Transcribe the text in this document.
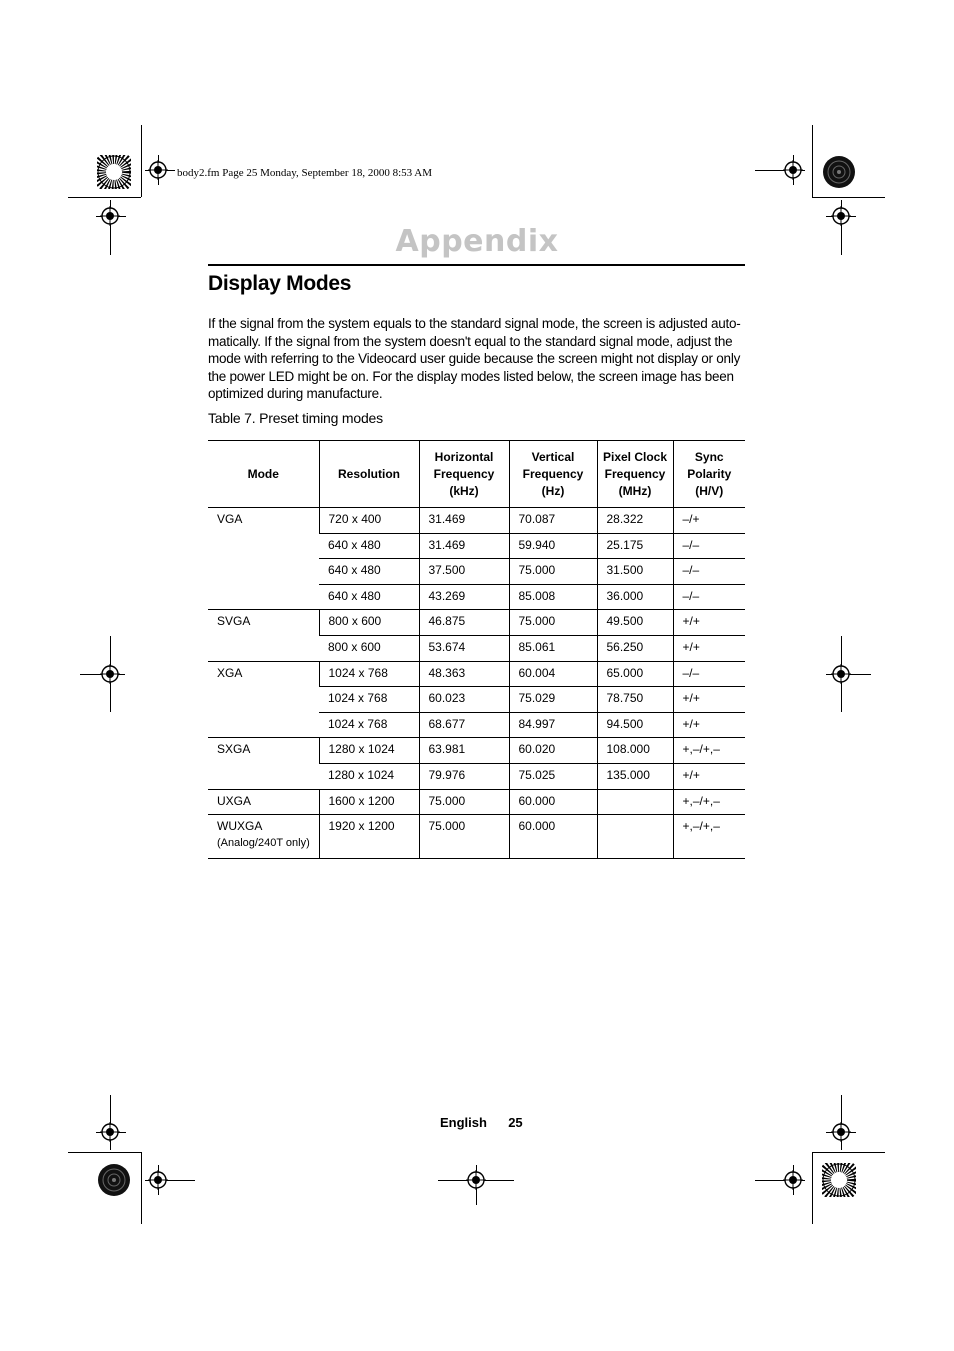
body2.fm Page 25 Monday, September 18, 2000 8:53 AM
Appendix
Display Modes
If the signal from the system equals to the standard signal mode, the screen is adjusted auto-
matically. If the signal from the system doesn't equal to the standard signal mode, adjust the
mode with referring to the Videocard user guide because the screen might not display or only
the power LED might be on. For the display modes listed below, the screen image has been
optimized during manufacture.
Table 7. Preset timing modes
Mode	Resolution	Horizontal
Frequency
(kHz)	Vertical
Frequency
(Hz)	Pixel Clock
Frequency
(MHz)	Sync
Polarity
(H/V)
VGA	720 x 400	31.469	70.087	28.322	–/+
	640 x 480	31.469	59.940	25.175	–/–
	640 x 480	37.500	75.000	31.500	–/–
	640 x 480	43.269	85.008	36.000	–/–
SVGA	800 x 600	46.875	75.000	49.500	+/+
	800 x 600	53.674	85.061	56.250	+/+
XGA	1024 x 768	48.363	60.004	65.000	–/–
	1024 x 768	60.023	75.029	78.750	+/+
	1024 x 768	68.677	84.997	94.500	+/+
SXGA	1280 x 1024	63.981	60.020	108.000	+,–/+,–
	1280 x 1024	79.976	75.025	135.000	+/+
UXGA	1600 x 1200	75.000	60.000		+,–/+,–
WUXGA
(Analog/240T only)	1920 x 1200	75.000	60.000		+,–/+,–
English 25
